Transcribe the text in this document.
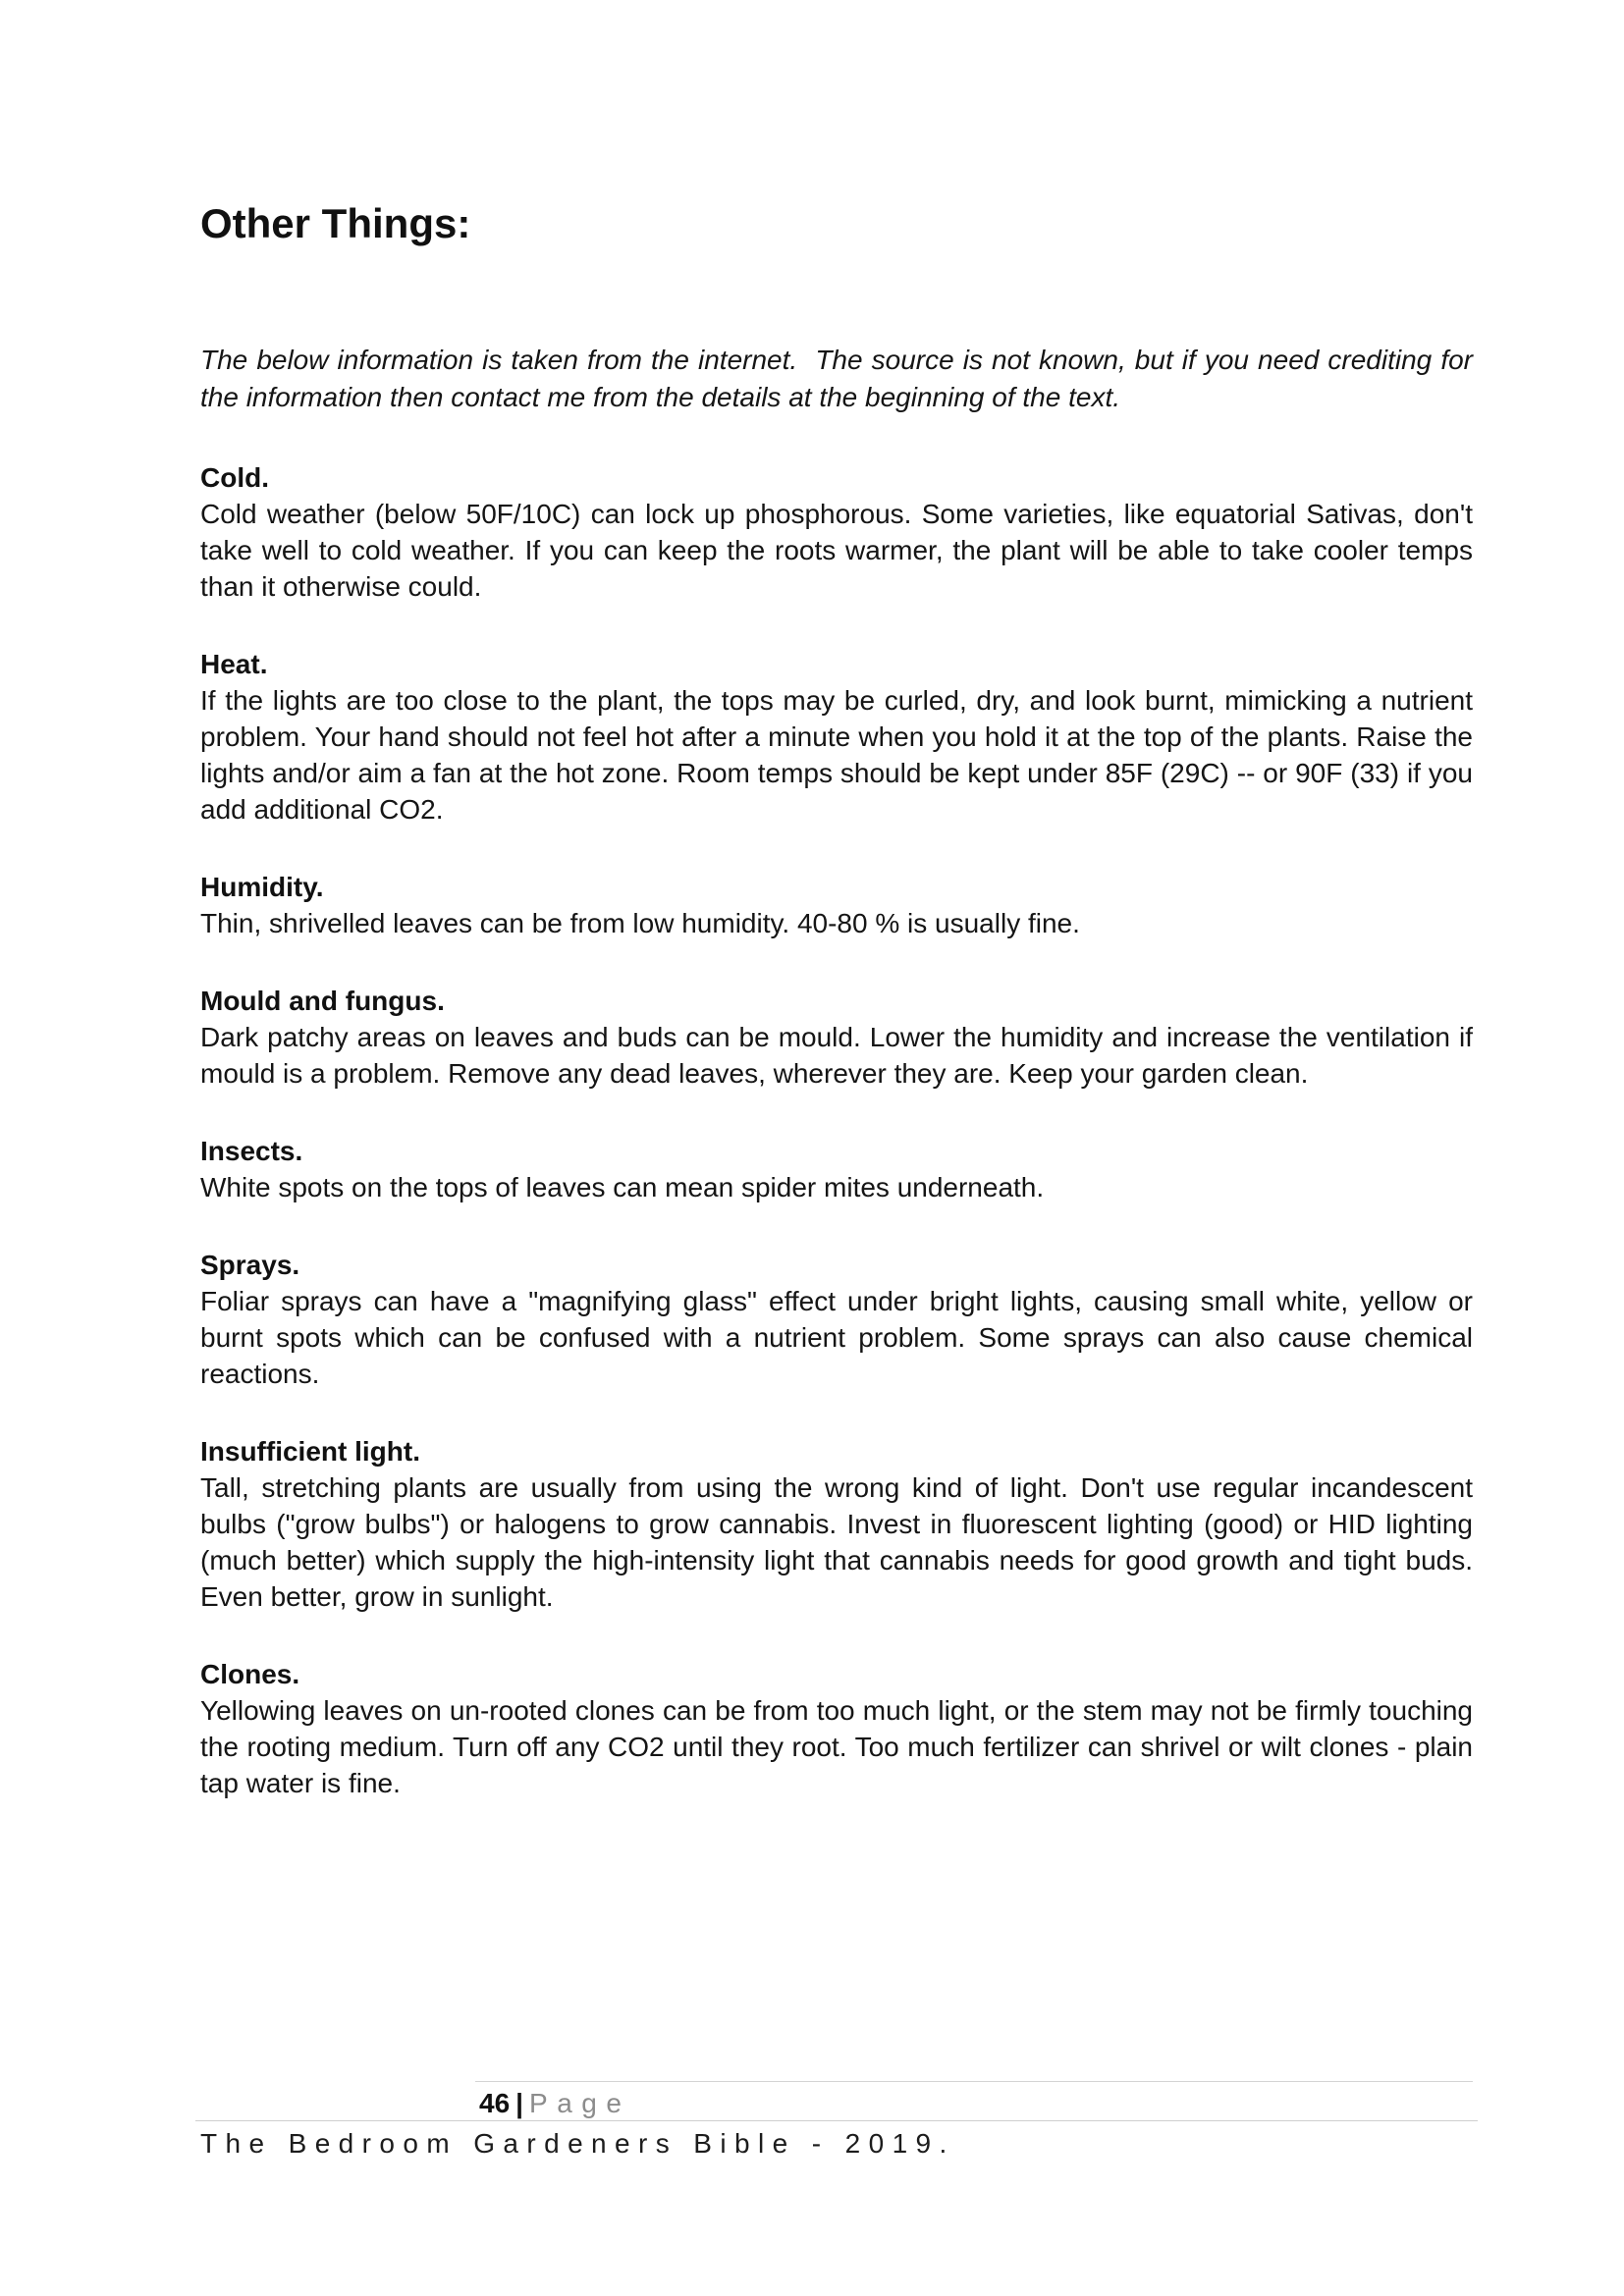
Other Things:

The below information is taken from the internet.  The source is not known, but if you need crediting for the information then contact me from the details at the beginning of the text.

Cold.

Cold weather (below 50F/10C) can lock up phosphorous. Some varieties, like equatorial Sativas, don't take well to cold weather. If you can keep the roots warmer, the plant will be able to take cooler temps than it otherwise could.

Heat.

If the lights are too close to the plant, the tops may be curled, dry, and look burnt, mimicking a nutrient problem. Your hand should not feel hot after a minute when you hold it at the top of the plants. Raise the lights and/or aim a fan at the hot zone. Room temps should be kept under 85F (29C) -- or 90F (33) if you add additional CO2.

Humidity.

Thin, shrivelled leaves can be from low humidity. 40-80 % is usually fine.

Mould and fungus.

Dark patchy areas on leaves and buds can be mould. Lower the humidity and increase the ventilation if mould is a problem. Remove any dead leaves, wherever they are. Keep your garden clean.

Insects.

White spots on the tops of leaves can mean spider mites underneath.

Sprays.

Foliar sprays can have a "magnifying glass" effect under bright lights, causing small white, yellow or burnt spots which can be confused with a nutrient problem. Some sprays can also cause chemical reactions.

Insufficient light.

Tall, stretching plants are usually from using the wrong kind of light. Don't use regular incandescent bulbs ("grow bulbs") or halogens to grow cannabis. Invest in fluorescent lighting (good) or HID lighting (much better) which supply the high-intensity light that cannabis needs for good growth and tight buds. Even better, grow in sunlight.

Clones.

Yellowing leaves on un-rooted clones can be from too much light, or the stem may not be firmly touching the rooting medium. Turn off any CO2 until they root. Too much fertilizer can shrivel or wilt clones - plain tap water is fine.

46 | Page
The Bedroom Gardeners Bible - 2019.
